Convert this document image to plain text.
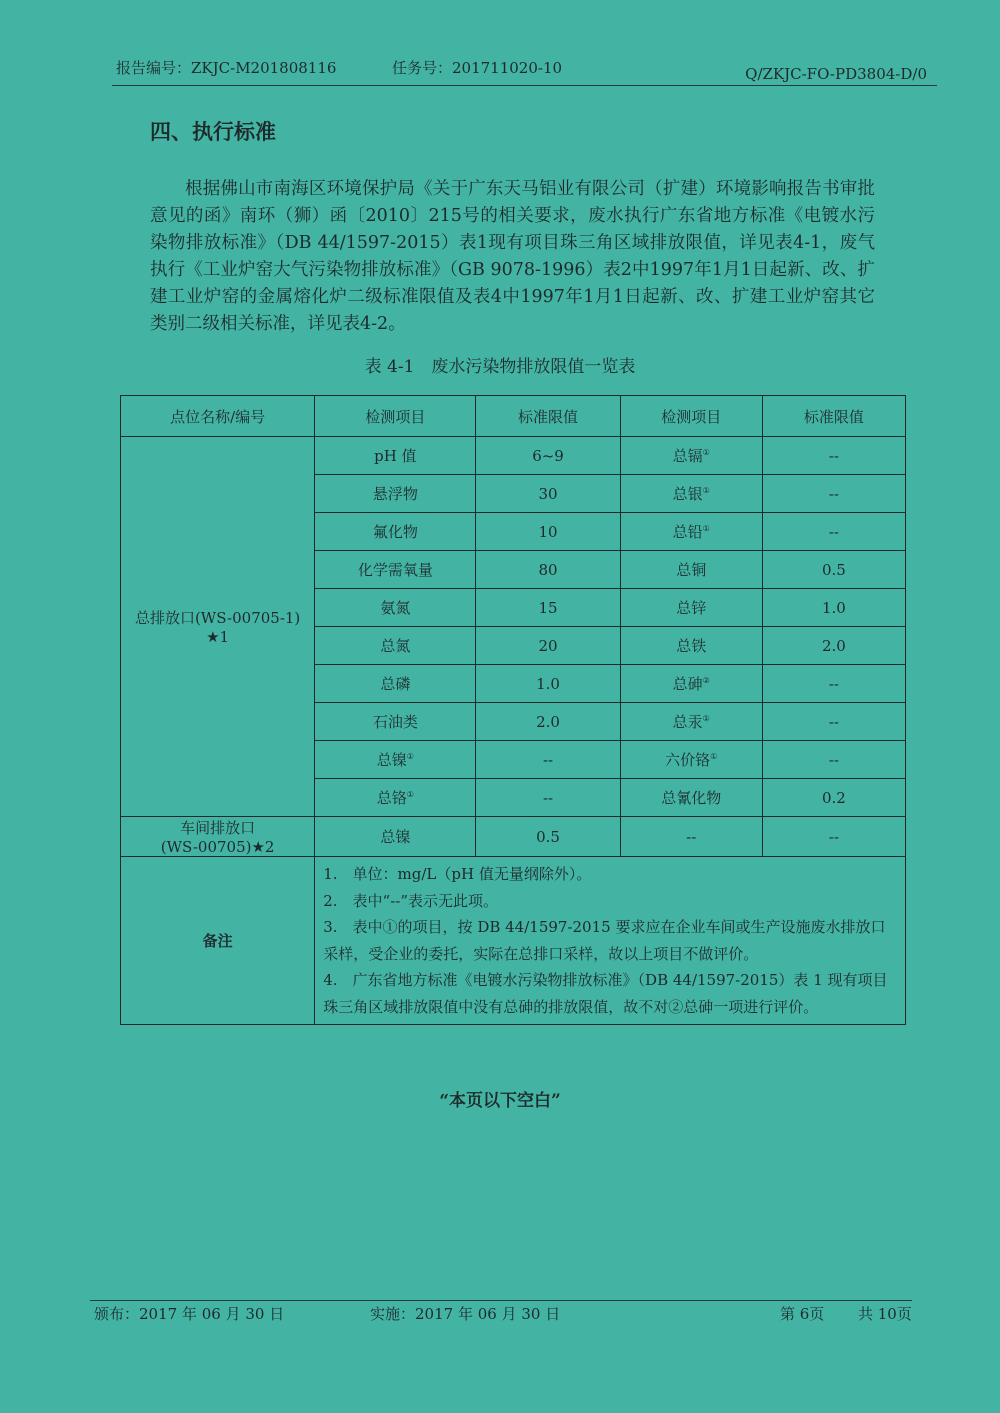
报告编号：ZKJC-M201808116	任务号：201711020-10	Q/ZKJC-FO-PD3804-D/0
四、执行标准
根据佛山市南海区环境保护局《关于广东天马铝业有限公司（扩建）环境影响报告书审批意见的函》南环（狮）函〔2010〕215号的相关要求，废水执行广东省地方标准《电镀水污染物排放标准》（DB 44/1597-2015）表1现有项目珠三角区域排放限值，详见表4-1，废气执行《工业炉窑大气污染物排放标准》（GB 9078-1996）表2中1997年1月1日起新、改、扩建工业炉窑的金属熔化炉二级标准限值及表4中1997年1月1日起新、改、扩建工业炉窑其它类别二级相关标准，详见表4-2。
表 4-1　废水污染物排放限值一览表
点位名称/编号	检测项目	标准限值	检测项目	标准限值

总排放口(WS-00705-1)
★1	pH 值	6~9	总镉①	--
	悬浮物	30	总银①	--
	氟化物	10	总铅①	--
	化学需氧量	80	总铜	0.5
	氨氮	15	总锌	1.0
	总氮	20	总铁	2.0
	总磷	1.0	总砷②	--
	石油类	2.0	总汞①	--
	总镍①	--	六价铬①	--
	总铬①	--	总氰化物	0.2

车间排放口
(WS-00705)★2	总镍	0.5	--	--
备注	1.　单位：mg/L（pH 值无量纲除外）。
2.　表中“--”表示无此项。
3.　表中①的项目，按 DB 44/1597-2015 要求应在企业车间或生产设施废水排放口采样，受企业的委托，实际在总排口采样，故以上项目不做评价。
4.　广东省地方标准《电镀水污染物排放标准》（DB 44/1597-2015）表 1 现有项目珠三角区域排放限值中没有总砷的排放限值，故不对②总砷一项进行评价。			
“本页以下空白”
颁布：2017 年 06 月 30 日	实施：2017 年 06 月 30 日	第 6页 共 10页
